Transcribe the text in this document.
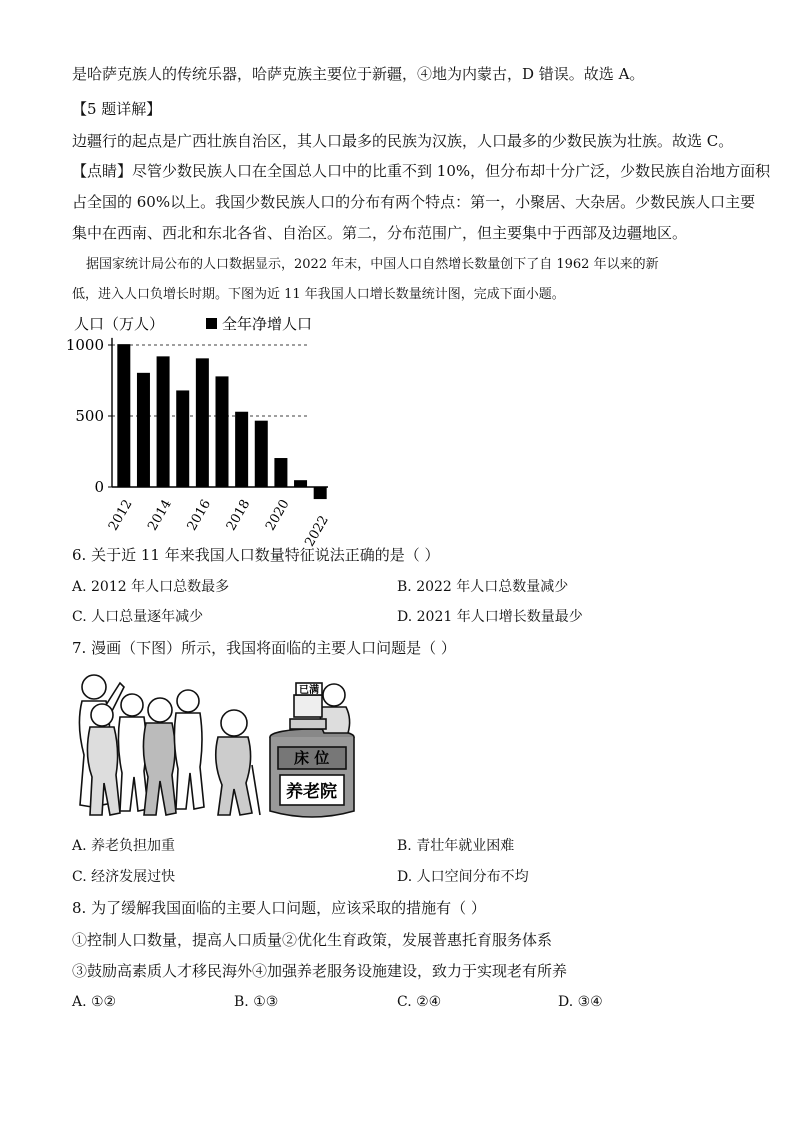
是哈萨克族人的传统乐器，哈萨克族主要位于新疆，④地为内蒙古，D 错误。故选 A。
【5 题详解】
边疆行的起点是广西壮族自治区，其人口最多的民族为汉族，人口最多的少数民族为壮族。故选 C。
【点睛】尽管少数民族人口在全国总人口中的比重不到 10%，但分布却十分广泛，少数民族自治地方面积
占全国的 60%以上。我国少数民族人口的分布有两个特点：第一，小聚居、大杂居。少数民族人口主要
集中在西南、西北和东北各省、自治区。第二，分布范围广，但主要集中于西部及边疆地区。
据国家统计局公布的人口数据显示，2022 年末，中国人口自然增长数量创下了自 1962 年以来的新
低，进入人口负增长时期。下图为近 11 年我国人口增长数量统计图，完成下面小题。
人口（万人）	全年净增人口
1000
500
0
2012 2014 2016 2018 2020 2022
6. 关于近 11 年来我国人口数量特征说法正确的是（ ）
A. 2012 年人口总数最多	B. 2022 年人口总数量减少
C. 人口总量逐年减少	D. 2021 年人口增长数量最少
7. 漫画（下图）所示，我国将面临的主要人口问题是（ ）
已满
床 位
养老院
A. 养老负担加重	B. 青壮年就业困难
C. 经济发展过快	D. 人口空间分布不均
8. 为了缓解我国面临的主要人口问题，应该采取的措施有（ ）
①控制人口数量，提高人口质量②优化生育政策，发展普惠托育服务体系
③鼓励高素质人才移民海外④加强养老服务设施建设，致力于实现老有所养
A. ①②	B. ①③	C. ②④	D. ③④
